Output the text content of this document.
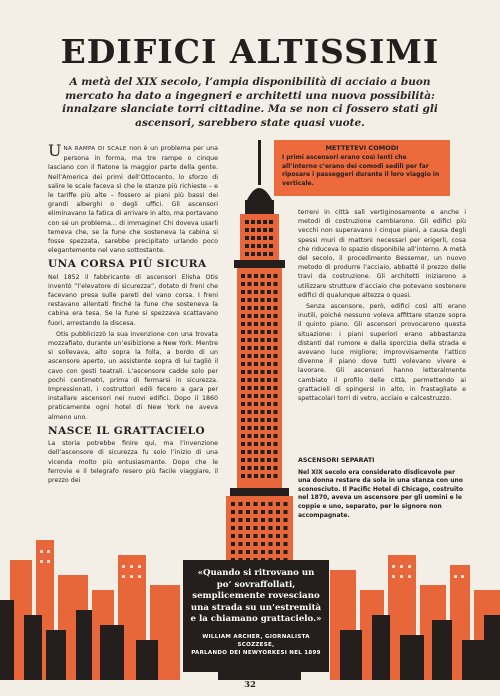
EDIFICI ALTISSIMI
A metà del XIX secolo, l’ampia disponibilità di acciaio a buon mercato ha dato a ingegneri e architetti una nuova possibilità: innalzare slanciate torri cittadine. Ma se non ci fossero stati gli ascensori, sarebbero state quasi vuote.

UNA RAMPA DI SCALE non è un problema per una persona in forma, ma tre rampe o cinque lasciano con il fiatone la maggior parte della gente. Nell’America dei primi dell’Ottocento, lo sforzo di salire le scale faceva sì che le stanze più richieste – e le tariffe più alte – fossero ai piani più bassi dei grandi alberghi o degli uffici. Gli ascensori eliminavano la fatica di arrivare in alto, ma portavano con sé un problema… di immagine! Chi doveva usarli temeva che, se la fune che sosteneva la cabina si fosse spezzata, sarebbe precipitato urlando poco elegantemente nel vano sottostante.

UNA CORSA PIÙ SICURA

Nel 1852 il fabbricante di ascensori Elisha Otis inventò “l’elevatore di sicurezza”, dotato di freni che facevano presa sulle pareti del vano corsa. I freni restavano allentati finché la fune che sosteneva la cabina era tesa. Se la fune si spezzava scattavano fuori, arrestando la discesa.

Otis pubblicizzò la sua invenzione con una trovata mozzafiato, durante un’esibizione a New York. Mentre si sollevava, alto sopra la folla, a bordo di un ascensore aperto, un assistente sopra di lui tagliò il cavo con gesti teatrali. L’ascensore cadde solo per pochi centimetri, prima di fermarsi in sicurezza. Impressionati, i costruttori edili fecero a gara per installare ascensori nei nuovi edifici. Dopo il 1860 praticamente ogni hotel di New York ne aveva almeno uno.

NASCE IL GRATTACIELO

La storia potrebbe finire qui, ma l’invenzione dell’ascensore di sicurezza fu solo l’inizio di una vicenda molto più entusiasmante. Dopo che le ferrovie e il telegrafo resero più facile viaggiare, il prezzo dei

METTETEVI COMODI
I primi ascensori erano così lenti che all’interno c’erano dei comodi sedili per far riposare i passeggeri durante il loro viaggio in verticale.

terreni in città salì vertiginosamente e anche i metodi di costruzione cambiarono. Gli edifici più vecchi non superavano i cinque piani, a causa degli spessi muri di mattoni necessari per erigerli, cosa che riduceva lo spazio disponibile all’interno. A metà del secolo, il procedimento Bessemer, un nuovo metodo di produrre l’acciaio, abbatté il prezzo delle travi da costruzione. Gli architetti iniziarono a utilizzare strutture d’acciaio che potevano sostenere edifici di qualunque altezza o quasi.

Senza ascensore, però, edifici così alti erano inutili, poiché nessuno voleva affittare stanze sopra il quinto piano. Gli ascensori provocarono questa situazione: i piani superiori erano abbastanza distanti dal rumore e dalla sporcizia della strada e avevano luce migliore; improvvisamente l’attico divenne il piano dove tutti volevano vivere e lavorare. Gli ascensori hanno letteralmente cambiato il profilo delle città, permettendo ai grattacieli di spingersi in alto, in frastagliate e spettacolari torri di vetro, acciaio e calcestruzzo.

ASCENSORI SEPARATI
Nel XIX secolo era considerato disdicevole per una donna restare da sola in una stanza con uno sconosciuto. Il Pacific Hotel di Chicago, costruito nel 1870, aveva un ascensore per gli uomini e le coppie e uno, separato, per le signore non accompagnate.
«Quando si ritrovano un po’ sovraffollati, semplicemente rovesciano una strada su un’estremità e la chiamano grattacielo.»
WILLIAM ARCHER, GIORNALISTA SCOZZESE,
PARLANDO DEI NEWYORKESI NEL 1899
32
